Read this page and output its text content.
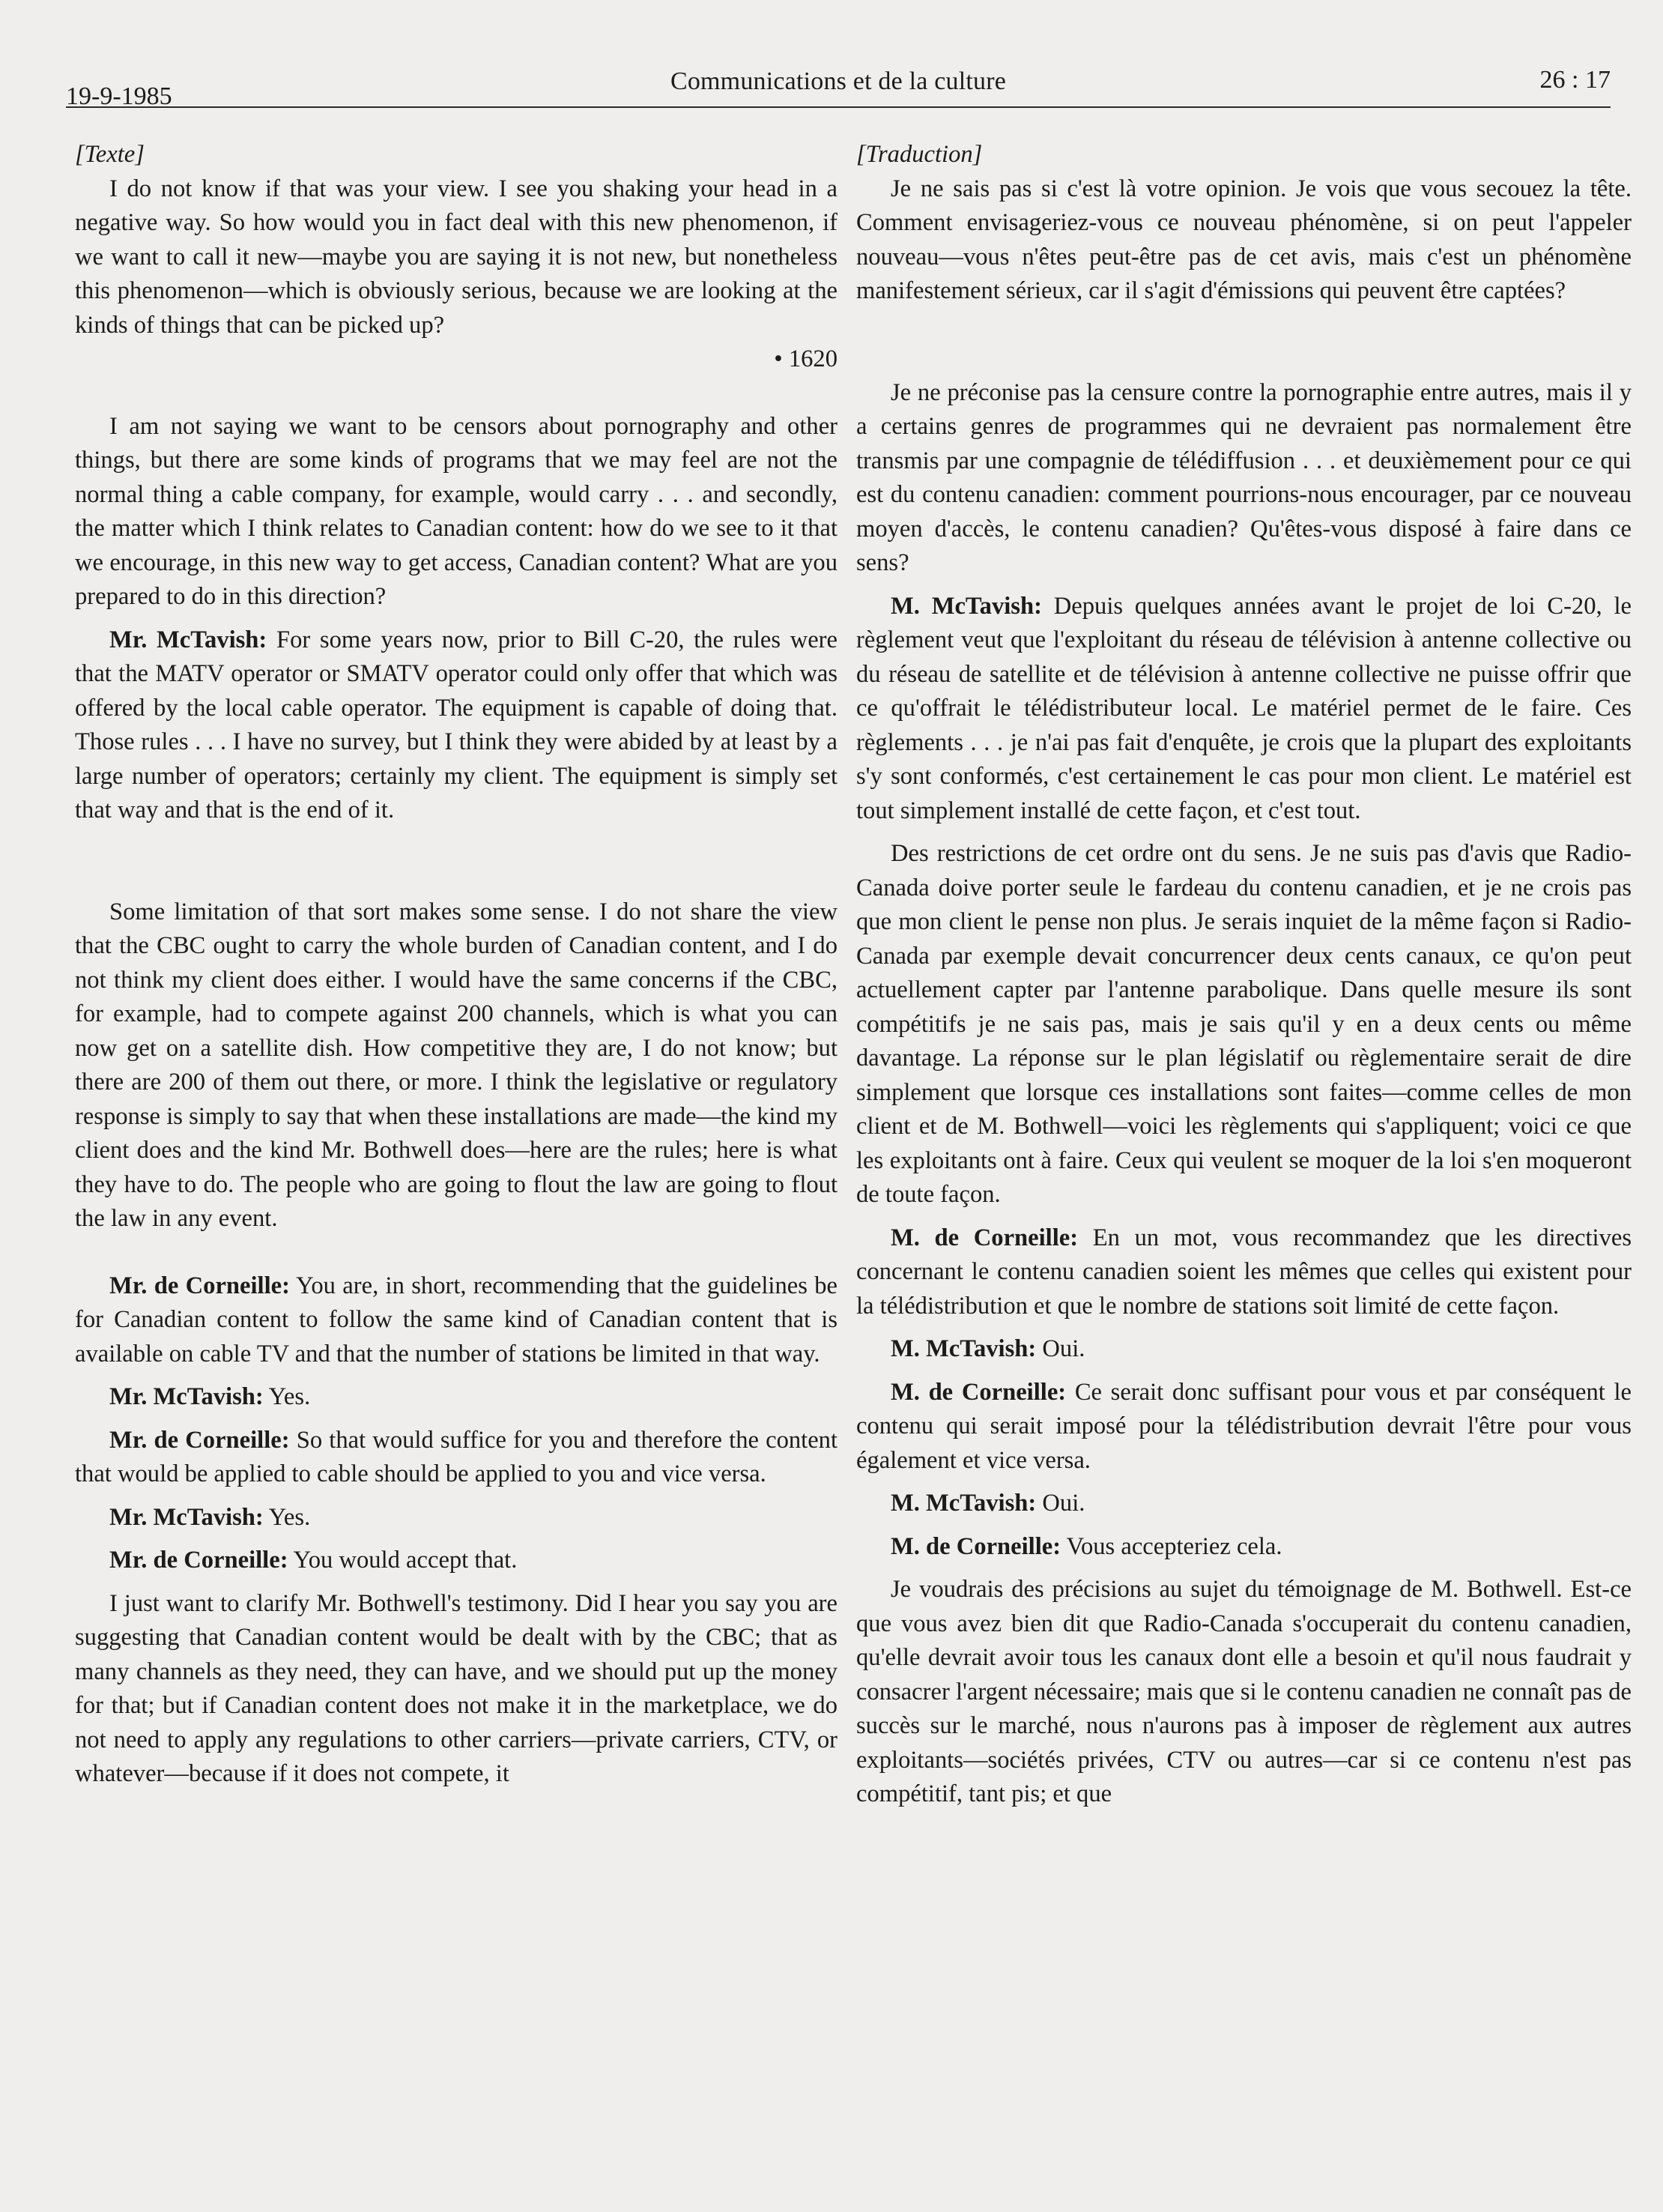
19-9-1985
Communications et de la culture	26 : 17

[Texte]

I do not know if that was your view. I see you shaking your head in a negative way. So how would you in fact deal with this new phenomenon, if we want to call it new—maybe you are saying it is not new, but nonetheless this phenomenon—which is obviously serious, because we are looking at the kinds of things that can be picked up?

• 1620

I am not saying we want to be censors about pornography and other things, but there are some kinds of programs that we may feel are not the normal thing a cable company, for example, would carry . . . and secondly, the matter which I think relates to Canadian content: how do we see to it that we encourage, in this new way to get access, Canadian content? What are you prepared to do in this direction?

Mr. McTavish: For some years now, prior to Bill C-20, the rules were that the MATV operator or SMATV operator could only offer that which was offered by the local cable operator. The equipment is capable of doing that. Those rules . . . I have no survey, but I think they were abided by at least by a large number of operators; certainly my client. The equipment is simply set that way and that is the end of it.

Some limitation of that sort makes some sense. I do not share the view that the CBC ought to carry the whole burden of Canadian content, and I do not think my client does either. I would have the same concerns if the CBC, for example, had to compete against 200 channels, which is what you can now get on a satellite dish. How competitive they are, I do not know; but there are 200 of them out there, or more. I think the legislative or regulatory response is simply to say that when these installations are made—the kind my client does and the kind Mr. Bothwell does—here are the rules; here is what they have to do. The people who are going to flout the law are going to flout the law in any event.

Mr. de Corneille: You are, in short, recommending that the guidelines be for Canadian content to follow the same kind of Canadian content that is available on cable TV and that the number of stations be limited in that way.

Mr. McTavish: Yes.

Mr. de Corneille: So that would suffice for you and therefore the content that would be applied to cable should be applied to you and vice versa.

Mr. McTavish: Yes.

Mr. de Corneille: You would accept that.

I just want to clarify Mr. Bothwell's testimony. Did I hear you say you are suggesting that Canadian content would be dealt with by the CBC; that as many channels as they need, they can have, and we should put up the money for that; but if Canadian content does not make it in the marketplace, we do not need to apply any regulations to other carriers—private carriers, CTV, or whatever—because if it does not compete, it

[Traduction]

Je ne sais pas si c'est là votre opinion. Je vois que vous secouez la tête. Comment envisageriez-vous ce nouveau phénomène, si on peut l'appeler nouveau—vous n'êtes peut-être pas de cet avis, mais c'est un phénomène manifestement sérieux, car il s'agit d'émissions qui peuvent être captées?

Je ne préconise pas la censure contre la pornographie entre autres, mais il y a certains genres de programmes qui ne devraient pas normalement être transmis par une compagnie de télédiffusion . . . et deuxièmement pour ce qui est du contenu canadien: comment pourrions-nous encourager, par ce nouveau moyen d'accès, le contenu canadien? Qu'êtes-vous disposé à faire dans ce sens?

M. McTavish: Depuis quelques années avant le projet de loi C-20, le règlement veut que l'exploitant du réseau de télévision à antenne collective ou du réseau de satellite et de télévision à antenne collective ne puisse offrir que ce qu'offrait le télédistributeur local. Le matériel permet de le faire. Ces règlements . . . je n'ai pas fait d'enquête, je crois que la plupart des exploitants s'y sont conformés, c'est certainement le cas pour mon client. Le matériel est tout simplement installé de cette façon, et c'est tout.

Des restrictions de cet ordre ont du sens. Je ne suis pas d'avis que Radio-Canada doive porter seule le fardeau du contenu canadien, et je ne crois pas que mon client le pense non plus. Je serais inquiet de la même façon si Radio-Canada par exemple devait concurrencer deux cents canaux, ce qu'on peut actuellement capter par l'antenne parabolique. Dans quelle mesure ils sont compétitifs je ne sais pas, mais je sais qu'il y en a deux cents ou même davantage. La réponse sur le plan législatif ou règlementaire serait de dire simplement que lorsque ces installations sont faites—comme celles de mon client et de M. Bothwell—voici les règlements qui s'appliquent; voici ce que les exploitants ont à faire. Ceux qui veulent se moquer de la loi s'en moqueront de toute façon.

M. de Corneille: En un mot, vous recommandez que les directives concernant le contenu canadien soient les mêmes que celles qui existent pour la télédistribution et que le nombre de stations soit limité de cette façon.

M. McTavish: Oui.

M. de Corneille: Ce serait donc suffisant pour vous et par conséquent le contenu qui serait imposé pour la télédistribution devrait l'être pour vous également et vice versa.

M. McTavish: Oui.

M. de Corneille: Vous accepteriez cela.

Je voudrais des précisions au sujet du témoignage de M. Bothwell. Est-ce que vous avez bien dit que Radio-Canada s'occuperait du contenu canadien, qu'elle devrait avoir tous les canaux dont elle a besoin et qu'il nous faudrait y consacrer l'argent nécessaire; mais que si le contenu canadien ne connaît pas de succès sur le marché, nous n'aurons pas à imposer de règlement aux autres exploitants—sociétés privées, CTV ou autres—car si ce contenu n'est pas compétitif, tant pis; et que
